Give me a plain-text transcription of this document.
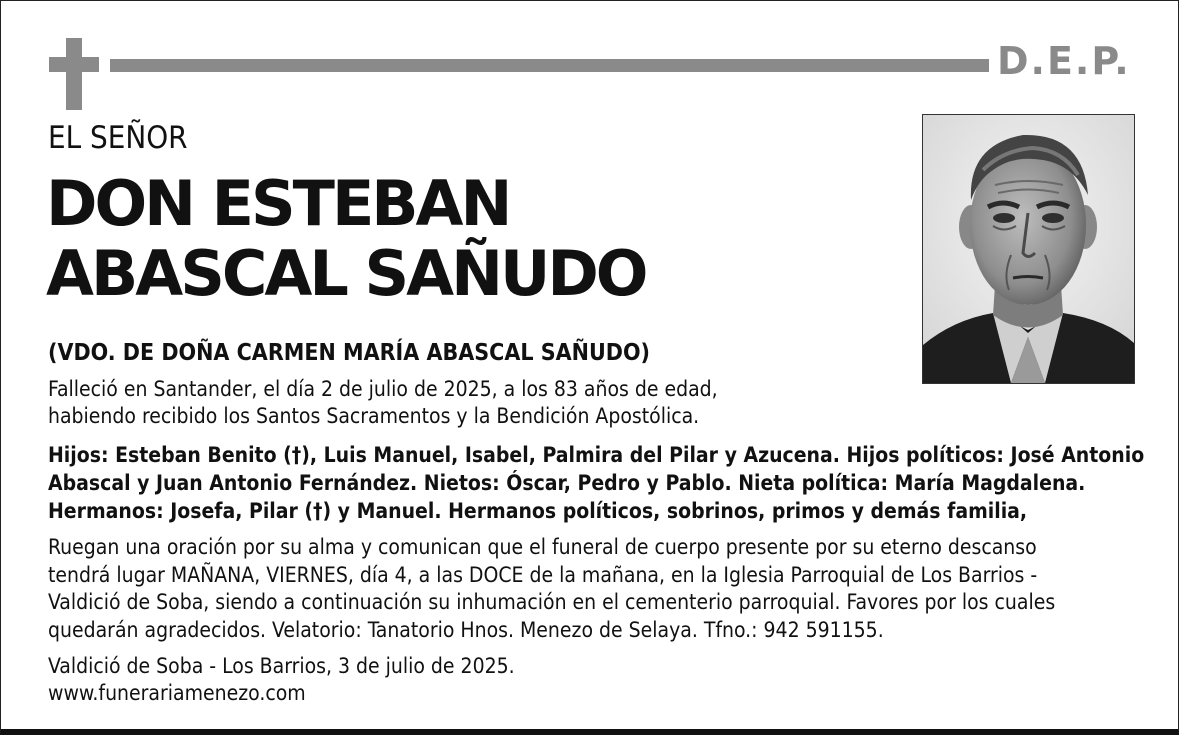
D.E.P.
EL SEÑOR
DON ESTEBAN
ABASCAL SAÑUDO
(VDO. DE DOÑA CARMEN MARÍA ABASCAL SAÑUDO)
Falleció en Santander, el día 2 de julio de 2025, a los 83 años de edad,
habiendo recibido los Santos Sacramentos y la Bendición Apostólica.
Hijos: Esteban Benito (†), Luis Manuel, Isabel, Palmira del Pilar y Azucena. Hijos políticos: José Antonio
Abascal y Juan Antonio Fernández. Nietos: Óscar, Pedro y Pablo. Nieta política: María Magdalena.
Hermanos: Josefa, Pilar (†) y Manuel. Hermanos políticos, sobrinos, primos y demás familia,
Ruegan una oración por su alma y comunican que el funeral de cuerpo presente por su eterno descanso
tendrá lugar MAÑANA, VIERNES, día 4, a las DOCE de la mañana, en la Iglesia Parroquial de Los Barrios -
Valdició de Soba, siendo a continuación su inhumación en el cementerio parroquial. Favores por los cuales
quedarán agradecidos. Velatorio: Tanatorio Hnos. Menezo de Selaya. Tfno.: 942 591155.
Valdició de Soba - Los Barrios, 3 de julio de 2025.
www.funerariamenezo.com
